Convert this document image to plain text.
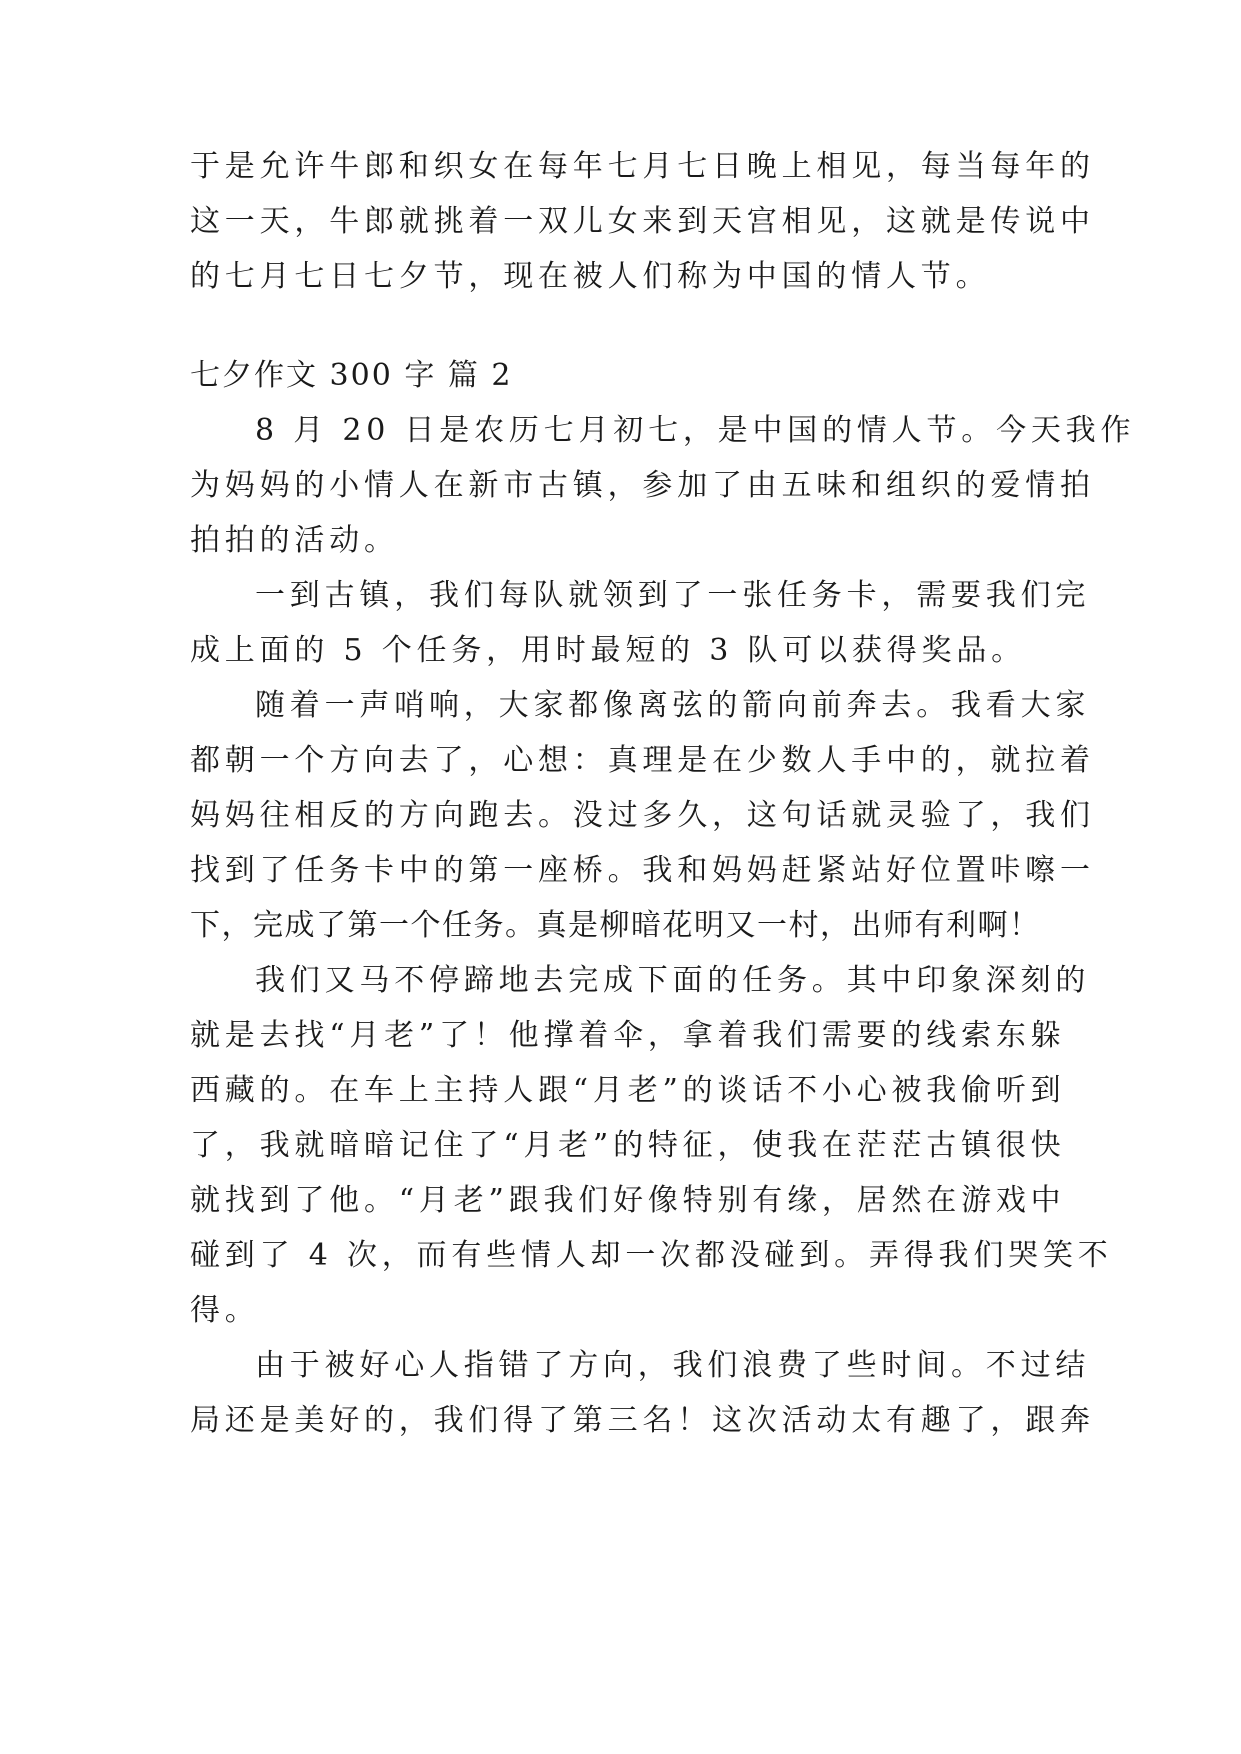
于是允许牛郎和织女在每年七月七日晚上相见，每当每年的
这一天，牛郎就挑着一双儿女来到天宫相见，这就是传说中
的七月七日七夕节，现在被人们称为中国的情人节。
七夕作文 300 字 篇 2
8 月 20 日是农历七月初七，是中国的情人节。今天我作
为妈妈的小情人在新市古镇，参加了由五味和组织的爱情拍
拍拍的活动。
一到古镇，我们每队就领到了一张任务卡，需要我们完
成上面的 5 个任务，用时最短的 3 队可以获得奖品。
随着一声哨响，大家都像离弦的箭向前奔去。我看大家
都朝一个方向去了，心想：真理是在少数人手中的，就拉着
妈妈往相反的方向跑去。没过多久，这句话就灵验了，我们
找到了任务卡中的第一座桥。我和妈妈赶紧站好位置咔嚓一
下，完成了第一个任务。真是柳暗花明又一村，出师有利啊！
我们又马不停蹄地去完成下面的任务。其中印象深刻的
就是去找“月老”了！他撑着伞，拿着我们需要的线索东躲
西藏的。在车上主持人跟“月老”的谈话不小心被我偷听到
了，我就暗暗记住了“月老”的特征，使我在茫茫古镇很快
就找到了他。“月老”跟我们好像特别有缘，居然在游戏中
碰到了 4 次，而有些情人却一次都没碰到。弄得我们哭笑不
得。
由于被好心人指错了方向，我们浪费了些时间。不过结
局还是美好的，我们得了第三名！这次活动太有趣了，跟奔
